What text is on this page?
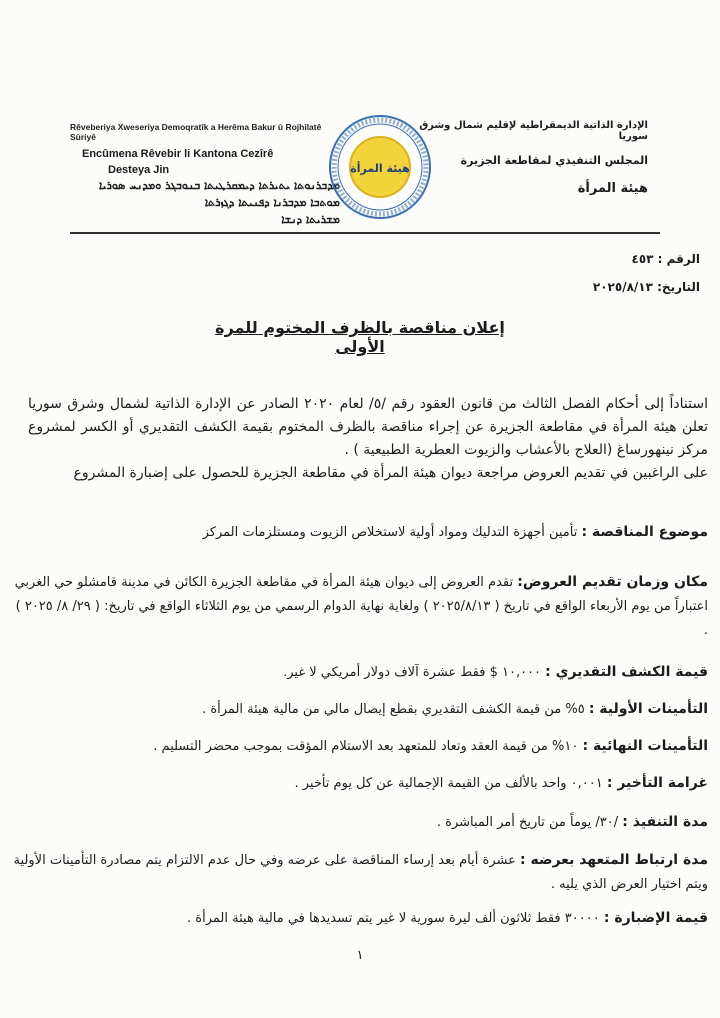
Rêveberiya Xweseriya Demoqratîk a Herêma Bakur û Rojhilatê Sûriyê
Encûmena Rêvebir li Kantona Cezîrê
Desteya Jin
ܡܕܒܪܢܘܬܐ ܝܬܝܪܬܐ ܕܝܡܩܪܛܝܬܐ ܒܢܘܒܓܪ ܘܡܕܢܚ ܣܘܪܝܐ
ܡܘܬܒܐ ܡܕܒܪܢܐ ܕܦܢܝܬܐ ܕܓܙܪܬܐ
ܡܫܪܝܬܐ ܕܢܫܐ
هيئة المرأة
الإدارة الذاتية الديمقراطية لإقليم شمال وشرق سوريا
المجلس التنفيذي لمقاطعة الجزيرة
هيئة المرأة
الرقم : ٤٥٣
التاريخ: ٢٠٢٥/٨/١٣
إعلان مناقصة بالظرف المختوم للمرة الأولى
استناداً إلى أحكام الفصل الثالث من قانون العقود رقم /٥/ لعام ٢٠٢٠ الصادر عن الإدارة الذاتية لشمال وشرق سوريا تعلن هيئة المرأة في مقاطعة الجزيرة عن إجراء مناقصة بالظرف المختوم بقيمة الكشف التقديري أو الكسر لمشروع مركز نينهورساغ (العلاج بالأعشاب والزيوت العطرية الطبيعية ) .
على الراغبين في تقديم العروض مراجعة ديوان هيئة المرأة في مقاطعة الجزيرة للحصول على إضبارة المشروع
موضوع المناقصة : تأمين أجهزة التدليك ومواد أولية لاستخلاص الزيوت ومستلزمات المركز
مكان وزمان تقديم العروض: تقدم العروض إلى ديوان هيئة المرأة في مقاطعة الجزيرة الكائن في مدينة قامشلو حي الغربي اعتباراً من يوم الأربعاء الواقع في تاريخ ( ٢٠٢٥/٨/١٣ ) ولغاية نهاية الدوام الرسمي من يوم الثلاثاء الواقع في تاريخ: ( ٢٩/ ٨/ ٢٠٢٥ ) .
قيمة الكشف التقديري : ١٠,٠٠٠ $ فقط عشرة آلاف دولار أمريكي لا غير.
التأمينات الأولية : ٥% من قيمة الكشف التقديري بقطع إيصال مالي من مالية هيئة المرأة .
التأمينات النهائية : ١٠% من قيمة العقد وتعاد للمتعهد بعد الاستلام المؤقت بموجب محضر التسليم .
غرامة التأخير : ٠,٠٠١ واحد بالألف من القيمة الإجمالية عن كل يوم تأخير .
مدة التنفيذ : /٣٠/ يوماً من تاريخ أمر المباشرة .
مدة ارتباط المتعهد بعرضه : عشرة أيام بعد إرساء المناقصة على عرضه وفي حال عدم الالتزام يتم مصادرة التأمينات الأولية ويتم اختيار العرض الذي يليه .
قيمة الإضبارة : ٣٠٠٠٠ فقط ثلاثون ألف ليرة سورية لا غير يتم تسديدها في مالية هيئة المرأة .
١
